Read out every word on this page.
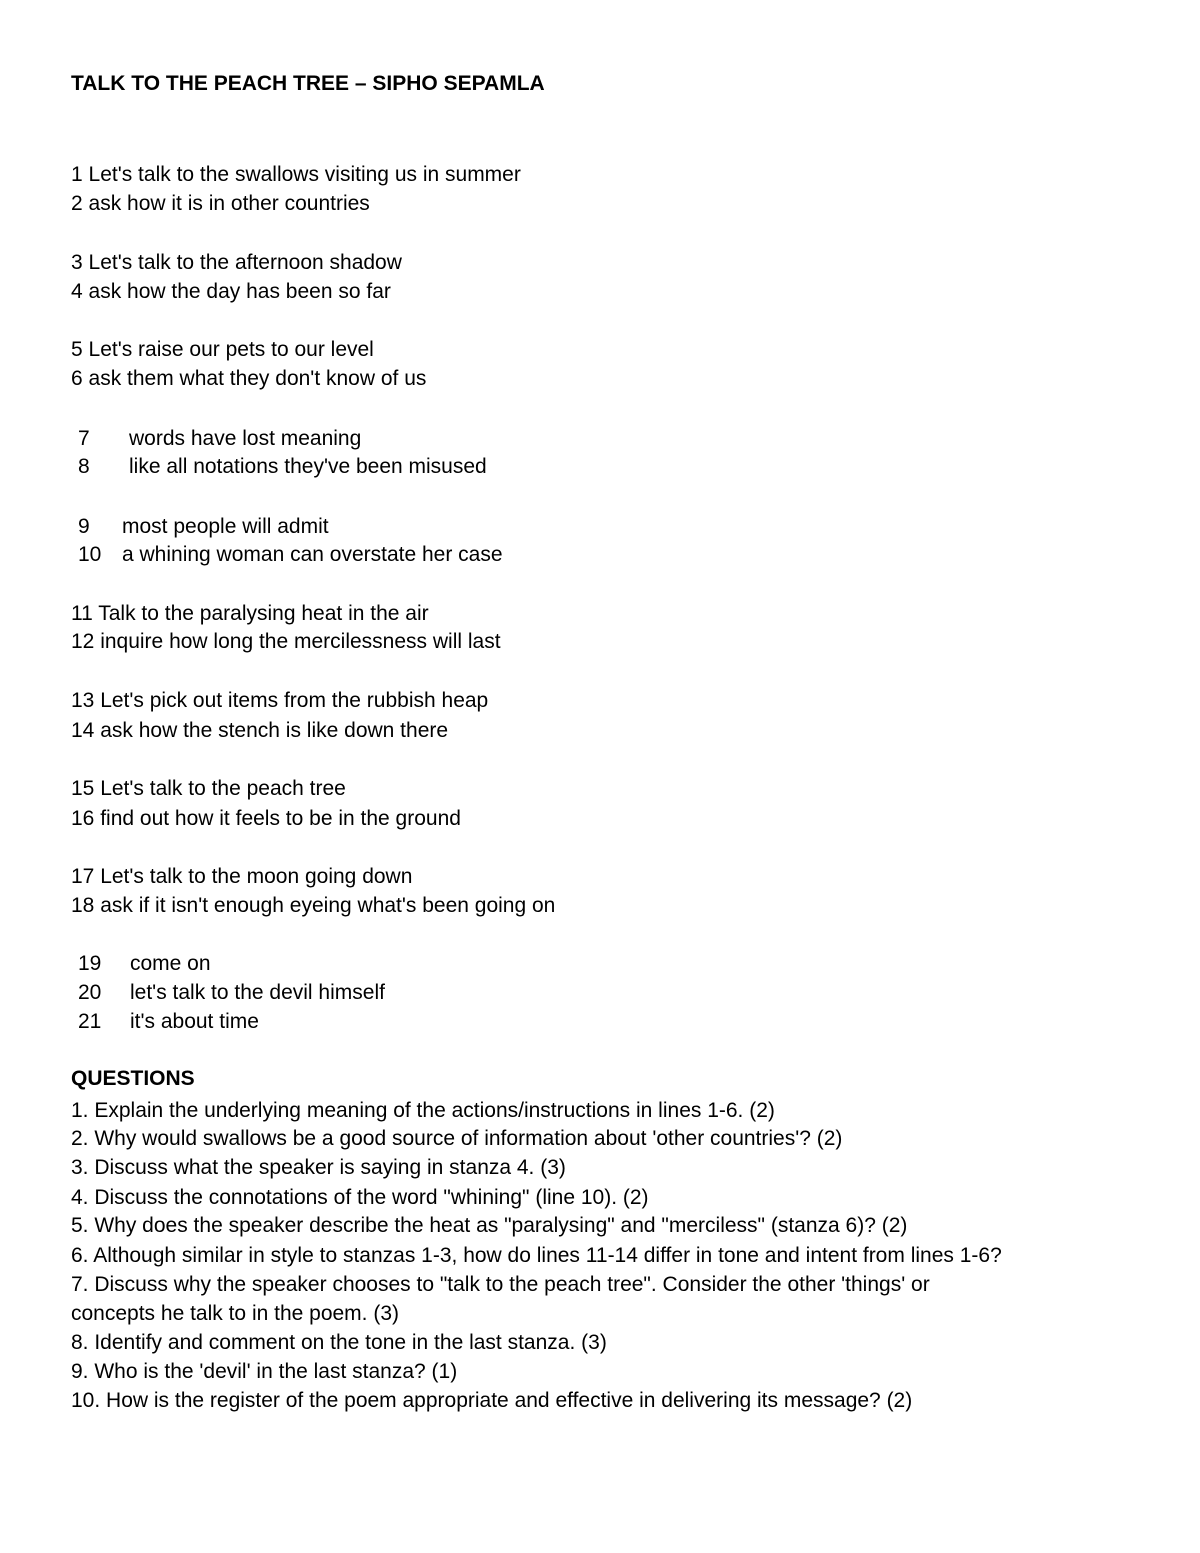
TALK TO THE PEACH TREE – SIPHO SEPAMLA
1 Let's talk to the swallows visiting us in summer
2 ask how it is in other countries
3 Let's talk to the afternoon shadow
4 ask how the day has been so far
5 Let's raise our pets to our level
6 ask them what they don't know of us
7 words have lost meaning
8 like all notations they've been misused
9 most people will admit
10 a whining woman can overstate her case
11 Talk to the paralysing heat in the air
12 inquire how long the mercilessness will last
13 Let's pick out items from the rubbish heap
14 ask how the stench is like down there
15 Let's talk to the peach tree
16 find out how it feels to be in the ground
17 Let's talk to the moon going down
18 ask if it isn't enough eyeing what's been going on
19 come on
20 let's talk to the devil himself
21 it's about time
QUESTIONS
1. Explain the underlying meaning of the actions/instructions in lines 1-6. (2)
2. Why would swallows be a good source of information about 'other countries'? (2)
3. Discuss what the speaker is saying in stanza 4. (3)
4. Discuss the connotations of the word "whining" (line 10). (2)
5. Why does the speaker describe the heat as "paralysing" and "merciless" (stanza 6)? (2)
6. Although similar in style to stanzas 1-3, how do lines 11-14 differ in tone and intent from lines 1-6?
7. Discuss why the speaker chooses to "talk to the peach tree". Consider the other 'things' or
concepts he talk to in the poem. (3)
8. Identify and comment on the tone in the last stanza. (3)
9. Who is the 'devil' in the last stanza? (1)
10. How is the register of the poem appropriate and effective in delivering its message? (2)
